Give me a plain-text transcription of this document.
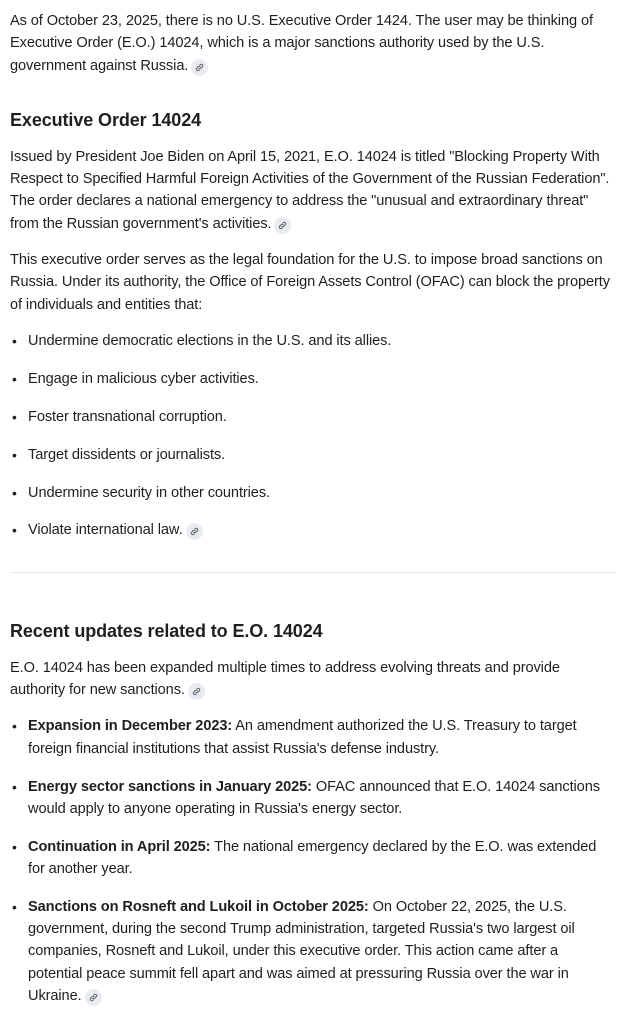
As of October 23, 2025, there is no U.S. Executive Order 1424. The user may be thinking of Executive Order (E.O.) 14024, which is a major sanctions authority used by the U.S. government against Russia.

Executive Order 14024

Issued by President Joe Biden on April 15, 2021, E.O. 14024 is titled "Blocking Property With Respect to Specified Harmful Foreign Activities of the Government of the Russian Federation". The order declares a national emergency to address the "unusual and extraordinary threat" from the Russian government's activities.

This executive order serves as the legal foundation for the U.S. to impose broad sanctions on Russia. Under its authority, the Office of Foreign Assets Control (OFAC) can block the property of individuals and entities that:

• Undermine democratic elections in the U.S. and its allies.
• Engage in malicious cyber activities.
• Foster transnational corruption.
• Target dissidents or journalists.
• Undermine security in other countries.
• Violate international law.
Recent updates related to E.O. 14024

E.O. 14024 has been expanded multiple times to address evolving threats and provide authority for new sanctions.

• Expansion in December 2023: An amendment authorized the U.S. Treasury to target foreign financial institutions that assist Russia's defense industry.
• Energy sector sanctions in January 2025: OFAC announced that E.O. 14024 sanctions would apply to anyone operating in Russia's energy sector.
• Continuation in April 2025: The national emergency declared by the E.O. was extended for another year.
• Sanctions on Rosneft and Lukoil in October 2025: On October 22, 2025, the U.S. government, during the second Trump administration, targeted Russia's two largest oil companies, Rosneft and Lukoil, under this executive order. This action came after a potential peace summit fell apart and was aimed at pressuring Russia over the war in Ukraine.
